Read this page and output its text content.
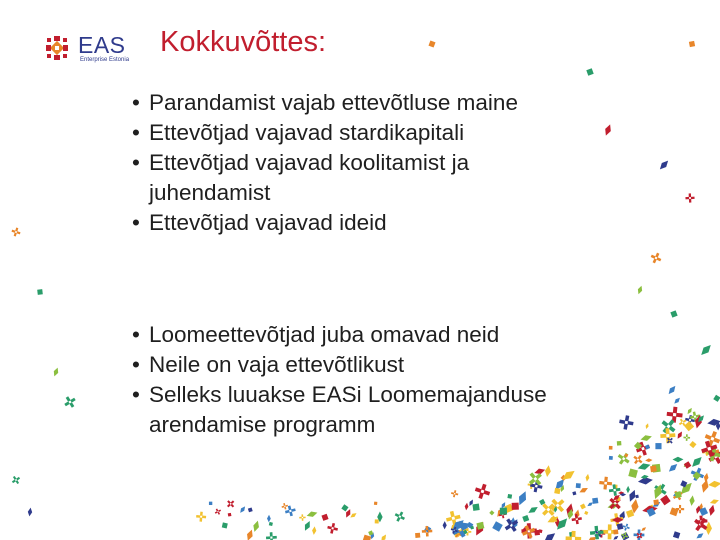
EAS
Enterprise Estonia
Kokkuvõttes:
• Parandamist vajab ettevõtluse maine
• Ettevõtjad vajavad stardikapitali
• Ettevõtjad vajavad koolitamist ja juhendamist
• Ettevõtjad vajavad ideid
• Loomeettevõtjad juba omavad neid
• Neile on vaja ettevõtlikust
• Selleks luuakse EASi Loomemajanduse arendamise programm
